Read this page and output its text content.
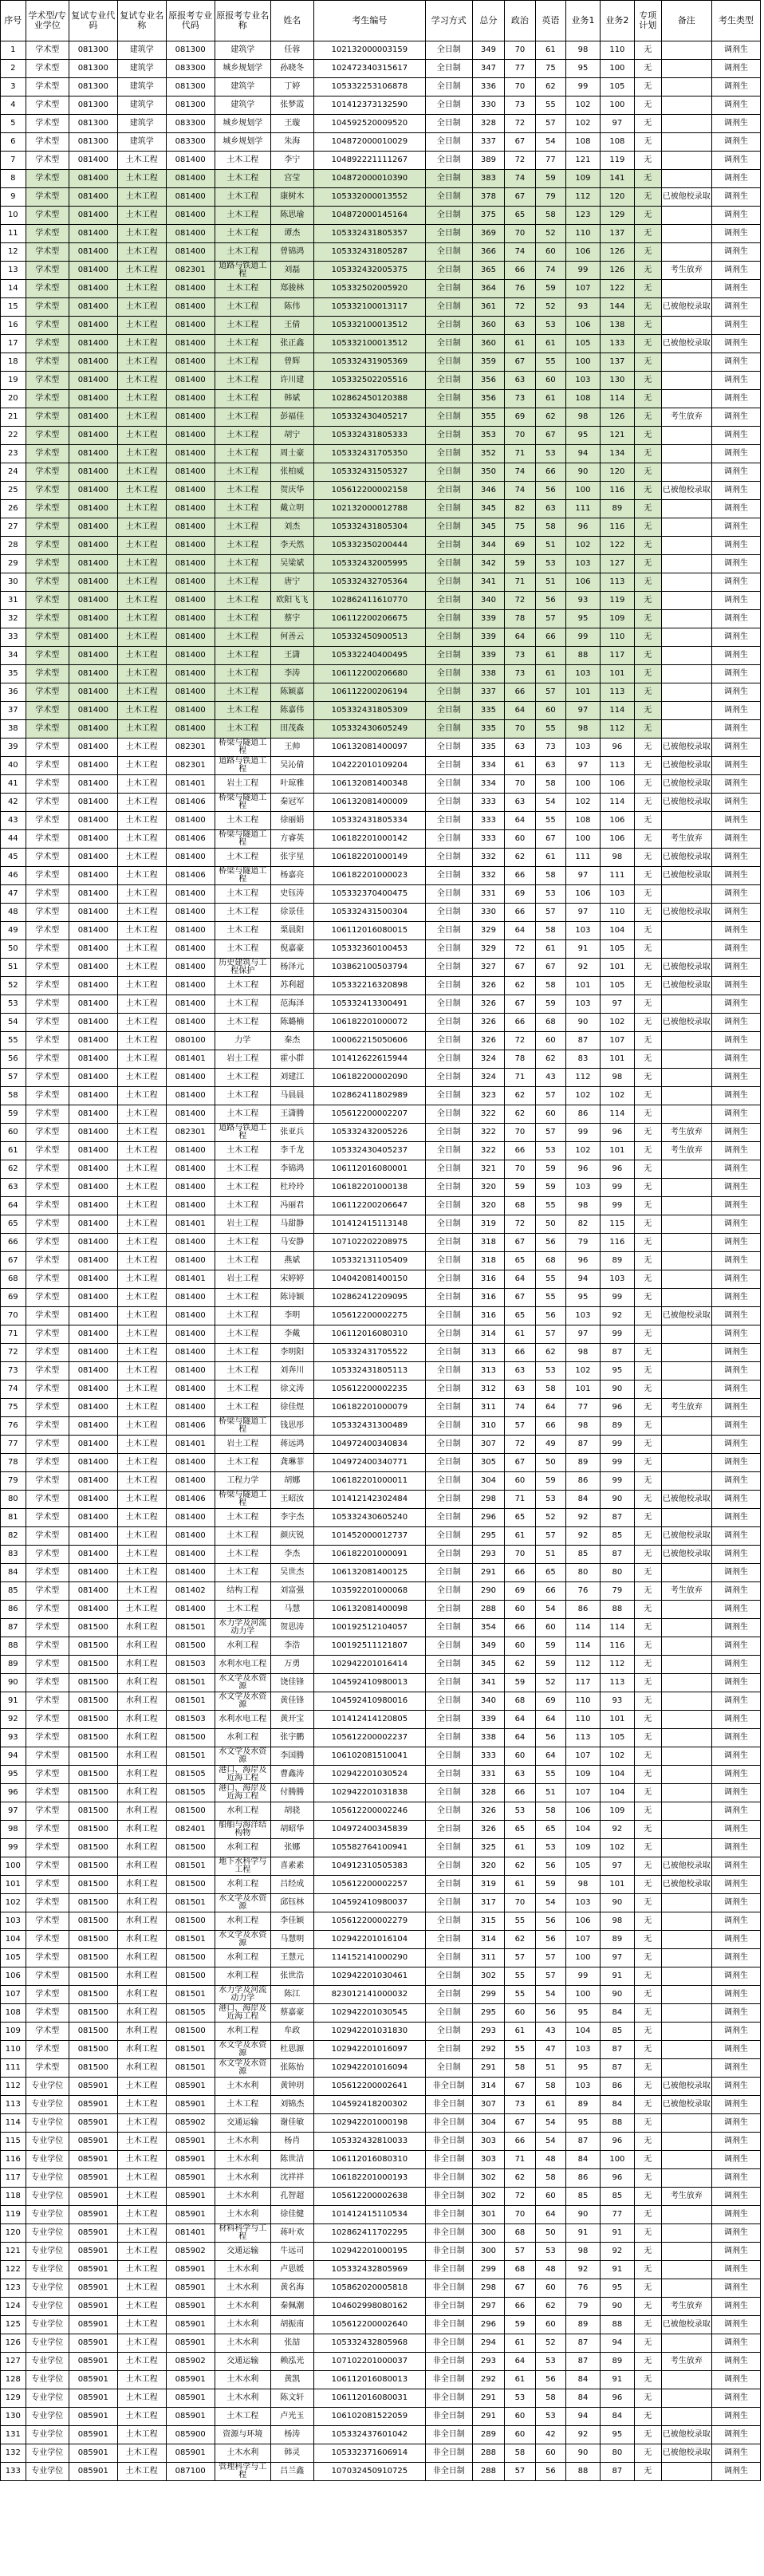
序号	学术型/专业学位	复试专业代码	复试专业名称	原报考专业代码	原报考专业名称	姓名	考生编号	学习方式	总分	政治	英语	业务1	业务2	专项计划	备注	考生类型
1	学术型	081300	建筑学	081300	建筑学	任蓉	102132000003159	全日制	349	70	61	98	110	无		调剂生
2	学术型	081300	建筑学	083300	城乡规划学	孙晓冬	102472340315617	全日制	347	77	75	95	100	无		调剂生
3	学术型	081300	建筑学	081300	建筑学	丁婷	105332253106878	全日制	336	70	62	99	105	无		调剂生
4	学术型	081300	建筑学	081300	建筑学	张梦霞	101412373132590	全日制	330	73	55	102	100	无		调剂生
5	学术型	081300	建筑学	083300	城乡规划学	王璇	104592520009520	全日制	328	72	57	102	97	无		调剂生
6	学术型	081300	建筑学	083300	城乡规划学	朱海	104872000010029	全日制	337	67	54	108	108	无		调剂生
7	学术型	081400	土木工程	081400	土木工程	李宁	104892221111267	全日制	389	72	77	121	119	无		调剂生
8	学术型	081400	土木工程	081400	土木工程	宫莹	104872000010390	全日制	383	74	59	109	141	无		调剂生
9	学术型	081400	土木工程	081400	土木工程	康树木	105332000013552	全日制	378	67	79	112	120	无	已被他校录取	调剂生
10	学术型	081400	土木工程	081400	土木工程	陈思瑜	104872000145164	全日制	375	65	58	123	129	无		调剂生
11	学术型	081400	土木工程	081400	土木工程	谭杰	105332431805357	全日制	369	70	52	110	137	无		调剂生
12	学术型	081400	土木工程	081400	土木工程	曾锦鸿	105332431805287	全日制	366	74	60	106	126	无		调剂生
13	学术型	081400	土木工程	082301	道路与铁道工程	刘磊	105332432005375	全日制	365	66	74	99	126	无	考生放弃	调剂生
14	学术型	081400	土木工程	081400	土木工程	郑骏林	105332502005920	全日制	364	76	59	107	122	无		调剂生
15	学术型	081400	土木工程	081400	土木工程	陈伟	105332100013117	全日制	361	72	52	93	144	无	已被他校录取	调剂生
16	学术型	081400	土木工程	081400	土木工程	王倩	105332100013512	全日制	360	63	53	106	138	无		调剂生
17	学术型	081400	土木工程	081400	土木工程	张正鑫	105332100013512	全日制	360	61	61	105	133	无	已被他校录取	调剂生
18	学术型	081400	土木工程	081400	土木工程	曾辉	105332431905369	全日制	359	67	55	100	137	无		调剂生
19	学术型	081400	土木工程	081400	土木工程	许川建	105332502205516	全日制	356	63	60	103	130	无		调剂生
20	学术型	081400	土木工程	081400	土木工程	韩斌	102862450120388	全日制	356	73	61	108	114	无		调剂生
21	学术型	081400	土木工程	081400	土木工程	彭福佳	105332430405217	全日制	355	69	62	98	126	无	考生放弃	调剂生
22	学术型	081400	土木工程	081400	土木工程	胡宁	105332431805333	全日制	353	70	67	95	121	无		调剂生
23	学术型	081400	土木工程	081400	土木工程	周士豪	105332431705350	全日制	352	71	53	94	134	无		调剂生
24	学术型	081400	土木工程	081400	土木工程	张柏威	105332431505327	全日制	350	74	66	90	120	无		调剂生
25	学术型	081400	土木工程	081400	土木工程	贺庆华	105612200002158	全日制	346	74	56	100	116	无	已被他校录取	调剂生
26	学术型	081400	土木工程	081400	土木工程	戴立明	102132000012788	全日制	345	82	63	111	89	无		调剂生
27	学术型	081400	土木工程	081400	土木工程	刘杰	105332431805304	全日制	345	75	58	96	116	无		调剂生
28	学术型	081400	土木工程	081400	土木工程	李天然	105332350200444	全日制	344	69	51	102	122	无		调剂生
29	学术型	081400	土木工程	081400	土木工程	吴梁斌	105332432005995	全日制	342	59	53	103	127	无		调剂生
30	学术型	081400	土木工程	081400	土木工程	唐宁	105332432705364	全日制	341	71	51	106	113	无		调剂生
31	学术型	081400	土木工程	081400	土木工程	欧阳飞飞	102862411610770	全日制	340	72	56	93	119	无		调剂生
32	学术型	081400	土木工程	081400	土木工程	蔡宇	106112200206675	全日制	339	78	57	95	109	无		调剂生
33	学术型	081400	土木工程	081400	土木工程	何善云	105332450900513	全日制	339	64	66	99	110	无		调剂生
34	学术型	081400	土木工程	081400	土木工程	王潇	105332240400495	全日制	339	73	61	88	117	无		调剂生
35	学术型	081400	土木工程	081400	土木工程	李涛	106112200206680	全日制	338	73	61	103	101	无		调剂生
36	学术型	081400	土木工程	081400	土木工程	陈颖嘉	106112200206194	全日制	337	66	57	101	113	无		调剂生
37	学术型	081400	土木工程	081400	土木工程	陈嘉伟	105332431805309	全日制	335	64	60	97	114	无		调剂生
38	学术型	081400	土木工程	081400	土木工程	田茂森	105332430605249	全日制	335	70	55	98	112	无		调剂生
39	学术型	081400	土木工程	082301	桥梁与隧道工程	王帅	106132081400097	全日制	335	63	73	103	96	无	已被他校录取	调剂生
40	学术型	081400	土木工程	082301	道路与铁道工程	吴沁倩	104222010109204	全日制	334	61	63	97	113	无	已被他校录取	调剂生
41	学术型	081400	土木工程	081401	岩土工程	叶琼雅	106132081400348	全日制	334	70	58	100	106	无	已被他校录取	调剂生
42	学术型	081400	土木工程	081406	桥梁与隧道工程	秦冠军	106132081400009	全日制	333	63	54	102	114	无	已被他校录取	调剂生
43	学术型	081400	土木工程	081400	土木工程	徐丽娟	105332431805334	全日制	333	64	55	108	106	无		调剂生
44	学术型	081400	土木工程	081406	桥梁与隧道工程	方睿英	106182201000142	全日制	333	60	67	100	106	无	考生放弃	调剂生
45	学术型	081400	土木工程	081400	土木工程	张宇星	106182201000149	全日制	332	62	61	111	98	无	已被他校录取	调剂生
46	学术型	081400	土木工程	081406	桥梁与隧道工程	杨嘉亮	106182201000023	全日制	332	66	58	97	111	无	已被他校录取	调剂生
47	学术型	081400	土木工程	081400	土木工程	史钰涛	105332370400475	全日制	331	69	53	106	103	无		调剂生
48	学术型	081400	土木工程	081400	土木工程	徐景佳	105332431500304	全日制	330	66	57	97	110	无	已被他校录取	调剂生
49	学术型	081400	土木工程	081400	土木工程	栗晨阳	106112016080015	全日制	329	64	58	103	104	无		调剂生
50	学术型	081400	土木工程	081400	土木工程	倪嘉豪	105332360100453	全日制	329	72	61	91	105	无		调剂生
51	学术型	081400	土木工程	081400	历史建筑与工程保护	杨泽元	103862100503794	全日制	327	67	67	92	101	无	已被他校录取	调剂生
52	学术型	081400	土木工程	081400	土木工程	苏利超	105332216320898	全日制	326	62	58	101	105	无	已被他校录取	调剂生
53	学术型	081400	土木工程	081400	土木工程	范海泽	105332413300491	全日制	326	67	59	103	97	无		调剂生
54	学术型	081400	土木工程	081400	土木工程	陈璐楠	106182201000072	全日制	326	66	68	90	102	无	已被他校录取	调剂生
55	学术型	081400	土木工程	080100	力学	秦杰	100062215050606	全日制	326	72	60	87	107	无		调剂生
56	学术型	081400	土木工程	081401	岩土工程	霍小群	101412622615944	全日制	324	78	62	83	101	无		调剂生
57	学术型	081400	土木工程	081400	土木工程	刘建江	106182200002090	全日制	324	71	43	112	98	无		调剂生
58	学术型	081400	土木工程	081400	土木工程	马晨晨	102862411802989	全日制	323	62	57	102	102	无		调剂生
59	学术型	081400	土木工程	081400	土木工程	王潇腾	105612200002207	全日制	322	62	60	86	114	无		调剂生
60	学术型	081400	土木工程	082301	道路与铁道工程	张亚兵	105332432005226	全日制	322	70	57	99	96	无	考生放弃	调剂生
61	学术型	081400	土木工程	081400	土木工程	李千龙	105332430405237	全日制	322	66	53	102	101	无	考生放弃	调剂生
62	学术型	081400	土木工程	081400	土木工程	李锦鸿	106112016080001	全日制	321	70	59	96	96	无		调剂生
63	学术型	081400	土木工程	081400	土木工程	杜玲玲	106182201000138	全日制	320	59	59	103	99	无		调剂生
64	学术型	081400	土木工程	081400	土木工程	冯丽君	106112200206647	全日制	320	68	55	98	99	无		调剂生
65	学术型	081400	土木工程	081401	岩土工程	马甜静	101412415113148	全日制	319	72	50	82	115	无		调剂生
66	学术型	081400	土木工程	081400	土木工程	马安静	107102202208975	全日制	318	67	56	79	116	无		调剂生
67	学术型	081400	土木工程	081400	土木工程	燕斌	105332131105409	全日制	318	65	68	96	89	无		调剂生
68	学术型	081400	土木工程	081401	岩土工程	宋婷婷	104042081400150	全日制	316	64	55	94	103	无		调剂生
69	学术型	081400	土木工程	081400	土木工程	陈诗颖	102862412209095	全日制	316	67	55	95	99	无		调剂生
70	学术型	081400	土木工程	081400	土木工程	李明	105612200002275	全日制	316	65	56	103	92	无	已被他校录取	调剂生
71	学术型	081400	土木工程	081400	土木工程	李戴	106112016080310	全日制	314	61	57	97	99	无		调剂生
72	学术型	081400	土木工程	081400	土木工程	李明阳	105332431705522	全日制	313	66	62	98	87	无		调剂生
73	学术型	081400	土木工程	081400	土木工程	刘奔川	105332431805113	全日制	313	63	53	102	95	无		调剂生
74	学术型	081400	土木工程	081400	土木工程	徐文涛	105612200002235	全日制	312	63	58	101	90	无		调剂生
75	学术型	081400	土木工程	081400	土木工程	徐佳煜	106182201000079	全日制	311	74	64	77	96	无	考生放弃	调剂生
76	学术型	081400	土木工程	081406	桥梁与隧道工程	钱思彤	105332431300489	全日制	310	57	66	98	89	无		调剂生
77	学术型	081400	土木工程	081401	岩土工程	蒋远鸿	104972400340834	全日制	307	72	49	87	99	无		调剂生
78	学术型	081400	土木工程	081400	土木工程	龚琳菲	104972400340771	全日制	305	67	50	89	99	无		调剂生
79	学术型	081400	土木工程	081400	工程力学	胡娜	106182201000011	全日制	304	60	59	86	99	无		调剂生
80	学术型	081400	土木工程	081406	桥梁与隧道工程	王昭汝	101412142302484	全日制	298	71	53	84	90	无	已被他校录取	调剂生
81	学术型	081400	土木工程	081400	土木工程	李宇杰	105332430605240	全日制	296	65	52	92	87	无		调剂生
82	学术型	081400	土木工程	081400	土木工程	颜庆锐	101452000012737	全日制	295	61	57	92	85	无	已被他校录取	调剂生
83	学术型	081400	土木工程	081400	土木工程	李杰	106182201000091	全日制	293	70	51	85	87	无	已被他校录取	调剂生
84	学术型	081400	土木工程	081400	土木工程	吴世杰	106132081400125	全日制	291	66	65	80	80	无		调剂生
85	学术型	081400	土木工程	081402	结构工程	刘富强	103592201000068	全日制	290	69	66	76	79	无	考生放弃	调剂生
86	学术型	081400	土木工程	081400	土木工程	马慧	106132081400098	全日制	288	60	54	86	88	无		调剂生
87	学术型	081500	水利工程	081501	水力学及河流动力学	贺思涛	100192512104057	全日制	354	66	60	114	114	无		调剂生
88	学术型	081500	水利工程	081500	水利工程	李浩	100192511121807	全日制	349	60	59	114	116	无		调剂生
89	学术型	081500	水利工程	081503	水利水电工程	万勇	102942201016414	全日制	345	62	59	112	112	无		调剂生
90	学术型	081500	水利工程	081501	水文学及水资源	饶佳锋	104592410980013	全日制	341	59	52	117	113	无		调剂生
91	学术型	081500	水利工程	081501	水文学及水资源	黄佳锋	104592410980016	全日制	340	68	69	110	93	无		调剂生
92	学术型	081500	水利工程	081503	水利水电工程	黄开宝	101412414120805	全日制	339	64	64	110	101	无		调剂生
93	学术型	081500	水利工程	081500	水利工程	张宇鹏	105612200002237	全日制	338	64	56	113	105	无		调剂生
94	学术型	081500	水利工程	081501	水文学及水资源	李国腾	106102081510041	全日制	333	60	64	107	102	无		调剂生
95	学术型	081500	水利工程	081505	港口、海岸及近海工程	曹鑫涛	102942201030524	全日制	331	63	55	109	104	无		调剂生
96	学术型	081500	水利工程	081505	港口、海岸及近海工程	付腾腾	102942201031838	全日制	328	66	51	107	104	无		调剂生
97	学术型	081500	水利工程	081500	水利工程	胡骁	105612200002246	全日制	326	53	58	106	109	无		调剂生
98	学术型	081500	水利工程	082401	船舶与海洋结构物	胡昭华	104972400345839	全日制	326	65	65	104	92	无		调剂生
99	学术型	081500	水利工程	081500	水利工程	张娜	105582764100941	全日制	325	61	53	109	102	无		调剂生
100	学术型	081500	水利工程	081501	地下水科学与工程	喜素素	104912310505383	全日制	320	62	56	105	97	无	已被他校录取	调剂生
101	学术型	081500	水利工程	081500	水利工程	吕经成	105612200002257	全日制	319	61	59	98	101	无	已被他校录取	调剂生
102	学术型	081500	水利工程	081501	水文学及水资源	邱钰林	104592410980037	全日制	317	70	54	103	90	无		调剂生
103	学术型	081500	水利工程	081500	水利工程	李佳颖	105612200002279	全日制	315	55	56	106	98	无		调剂生
104	学术型	081500	水利工程	081501	水文学及水资源	马慧明	102942201016104	全日制	314	62	56	107	89	无		调剂生
105	学术型	081500	水利工程	081500	水利工程	王慧元	114152141000290	全日制	311	57	57	100	97	无		调剂生
106	学术型	081500	水利工程	081500	水利工程	张世浩	102942201030461	全日制	302	55	57	99	91	无		调剂生
107	学术型	081500	水利工程	081501	水力学及河流动力学	陈江	823012141000032	全日制	299	55	54	100	90	无		调剂生
108	学术型	081500	水利工程	081505	港口、海岸及近海工程	蔡嘉豪	102942201030545	全日制	295	60	56	95	84	无		调剂生
109	学术型	081500	水利工程	081500	水利工程	牟政	102942201031830	全日制	293	61	43	104	85	无		调剂生
110	学术型	081500	水利工程	081501	水文学及水资源	杜思源	102942201016097	全日制	292	55	47	103	87	无		调剂生
111	学术型	081500	水利工程	081501	水文学及水资源	张陈怡	102942201016094	全日制	291	58	51	95	87	无		调剂生
112	专业学位	085901	土木工程	085901	土木水利	黄钟玥	105612200002641	非全日制	314	67	58	103	86	无	已被他校录取	调剂生
113	专业学位	085901	土木工程	085901	土木工程	刘锦杰	104592418200302	非全日制	307	73	61	89	84	无	已被他校录取	调剂生
114	专业学位	085901	土木工程	085902	交通运输	谢佳敏	102942201000198	非全日制	304	67	54	95	88	无		调剂生
115	专业学位	085901	土木工程	085901	土木水利	杨肖	105332432810033	非全日制	303	66	54	87	96	无		调剂生
116	专业学位	085901	土木工程	085901	土木水利	陈世洁	106112016080310	非全日制	303	71	48	84	100	无		调剂生
117	专业学位	085901	土木工程	085901	土木水利	沈祥祥	106182201000193	非全日制	302	62	58	86	96	无		调剂生
118	专业学位	085901	土木工程	085901	土木水利	孔智超	105612200002638	非全日制	302	72	60	85	85	无	考生放弃	调剂生
119	专业学位	085901	土木工程	085901	土木水利	徐佳健	101412415110534	非全日制	301	70	64	90	77	无		调剂生
120	专业学位	085901	土木工程	081401	材料科学与工程	蒋叶欢	102862411702295	非全日制	300	68	50	91	91	无		调剂生
121	专业学位	085901	土木工程	085902	交通运输	牛远司	102942201000195	非全日制	300	57	53	98	92	无		调剂生
122	专业学位	085901	土木工程	085901	土木水利	卢思媛	105332432805969	非全日制	299	68	48	92	91	无		调剂生
123	专业学位	085901	土木工程	085901	土木水利	黄名海	105862020005818	非全日制	298	67	60	76	95	无		调剂生
124	专业学位	085901	土木工程	085901	土木水利	秦佩潮	104602998080162	非全日制	297	66	62	79	90	无	考生放弃	调剂生
125	专业学位	085901	土木工程	085901	土木水利	胡振南	105612200002640	非全日制	296	59	60	89	88	无	已被他校录取	调剂生
126	专业学位	085901	土木工程	085901	土木水利	张喆	105332432805968	非全日制	294	61	52	87	94	无		调剂生
127	专业学位	085901	土木工程	085902	交通运输	赖泓光	107102201000037	非全日制	293	64	53	87	89	无	考生放弃	调剂生
128	专业学位	085901	土木工程	085901	土木水利	黄凯	106112016080013	非全日制	292	61	56	84	91	无		调剂生
129	专业学位	085901	土木工程	085901	土木水利	陈文轩	106112016080031	非全日制	291	53	58	84	96	无		调剂生
130	专业学位	085901	土木工程	085901	土木工程	卢光玉	106102081522059	非全日制	291	60	53	94	84	无		调剂生
131	专业学位	085901	土木工程	085900	资源与环境	杨涛	105332437601042	非全日制	289	60	42	92	95	无	已被他校录取	调剂生
132	专业学位	085901	土木工程	085901	土木水利	韩灵	105332371606914	非全日制	288	58	60	90	80	无	已被他校录取	调剂生
133	专业学位	085901	土木工程	087100	管理科学与工程	吕兰鑫	107032450910725	非全日制	288	57	56	88	87	无		调剂生
